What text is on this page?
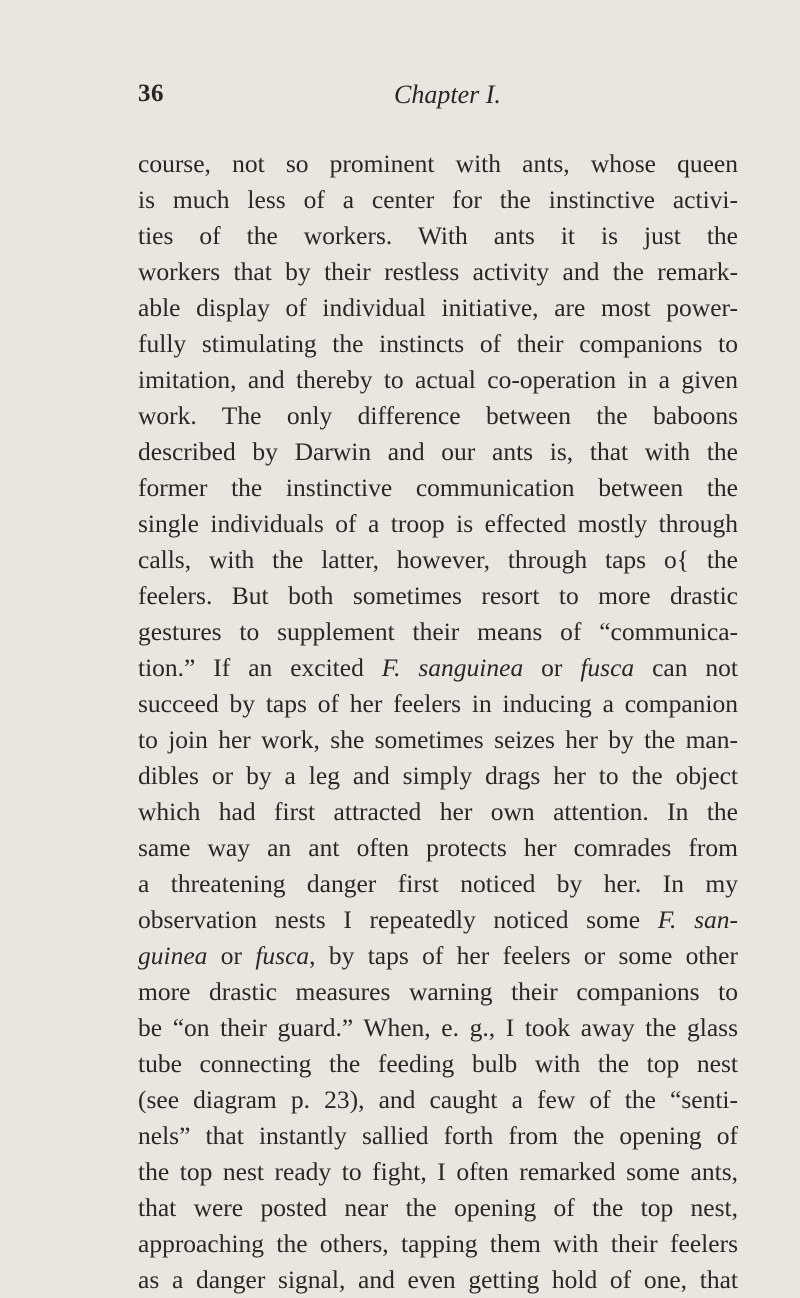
36	Chapter I.
course, not so prominent with ants, whose queen
is much less of a center for the instinctive activi-
ties of the workers. With ants it is just the
workers that by their restless activity and the remark-
able display of individual initiative, are most power-
fully stimulating the instincts of their companions to
imitation, and thereby to actual co-operation in a given
work. The only difference between the baboons
described by Darwin and our ants is, that with the
former the instinctive communication between the
single individuals of a troop is effected mostly through
calls, with the latter, however, through taps o{ the
feelers. But both sometimes resort to more drastic
gestures to supplement their means of “communica-
tion.” If an excited F. sanguinea or fusca can not
succeed by taps of her feelers in inducing a companion
to join her work, she sometimes seizes her by the man-
dibles or by a leg and simply drags her to the object
which had first attracted her own attention. In the
same way an ant often protects her comrades from
a threatening danger first noticed by her. In my
observation nests I repeatedly noticed some F. san-
guinea or fusca, by taps of her feelers or some other
more drastic measures warning their companions to
be “on their guard.” When, e. g., I took away the glass
tube connecting the feeding bulb with the top nest
(see diagram p. 23), and caught a few of the “senti-
nels” that instantly sallied forth from the opening of
the top nest ready to fight, I often remarked some ants,
that were posted near the opening of the top nest,
approaching the others, tapping them with their feelers
as a danger signal, and even getting hold of one, that
